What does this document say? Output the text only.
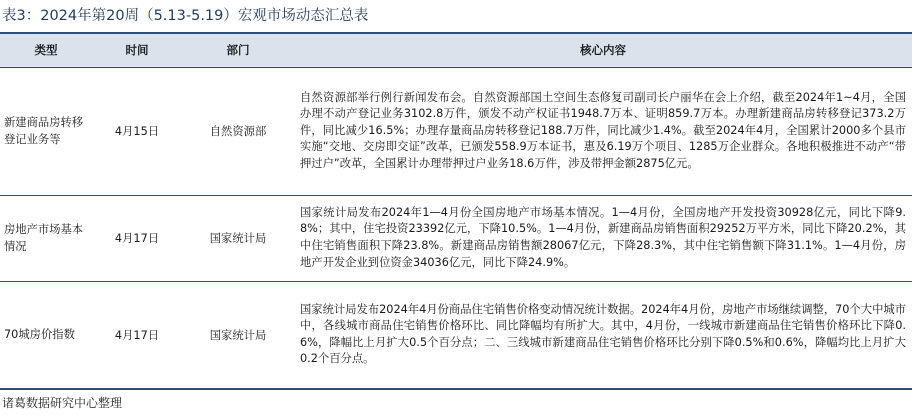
表3：2024年第20周（5.13-5.19）宏观市场动态汇总表
类型	时间	部门	核心内容
新建商品房转移登记业务等	4月15日	自然资源部	自然资源部举行例行新闻发布会。自然资源部国土空间生态修复司副司长户丽华在会上介绍，截至2024年1~4月，全国办理不动产登记业务3102.8万件，颁发不动产权证书1948.7万本、证明859.7万本。办理新建商品房转移登记373.2万件，同比减少16.5%；办理存量商品房转移登记188.7万件，同比减少1.4%。截至2024年4月，全国累计2000多个县市实施“交地、交房即交证”改革，已颁发558.9万本证书，惠及6.19万个项目、1285万企业群众。各地积极推进不动产“带押过户”改革，全国累计办理带押过户业务18.6万件，涉及带押金额2875亿元。
房地产市场基本情况	4月17日	国家统计局	国家统计局发布2024年1—4月份全国房地产市场基本情况。1—4月份，全国房地产开发投资30928亿元，同比下降9.8%；其中，住宅投资23392亿元，下降10.5%。1—4月份，新建商品房销售面积29252万平方米，同比下降20.2%，其中住宅销售面积下降23.8%。新建商品房销售额28067亿元，下降28.3%，其中住宅销售额下降31.1%。1—4月份，房地产开发企业到位资金34036亿元，同比下降24.9%。
70城房价指数	4月17日	国家统计局	国家统计局发布2024年4月份商品住宅销售价格变动情况统计数据。2024年4月份，房地产市场继续调整，70个大中城市中，各线城市商品住宅销售价格环比、同比降幅均有所扩大。其中，4月份，一线城市新建商品住宅销售价格环比下降0.6%，降幅比上月扩大0.5个百分点；二、三线城市新建商品住宅销售价格环比分别下降0.5%和0.6%，降幅均比上月扩大0.2个百分点。
诸葛数据研究中心整理
